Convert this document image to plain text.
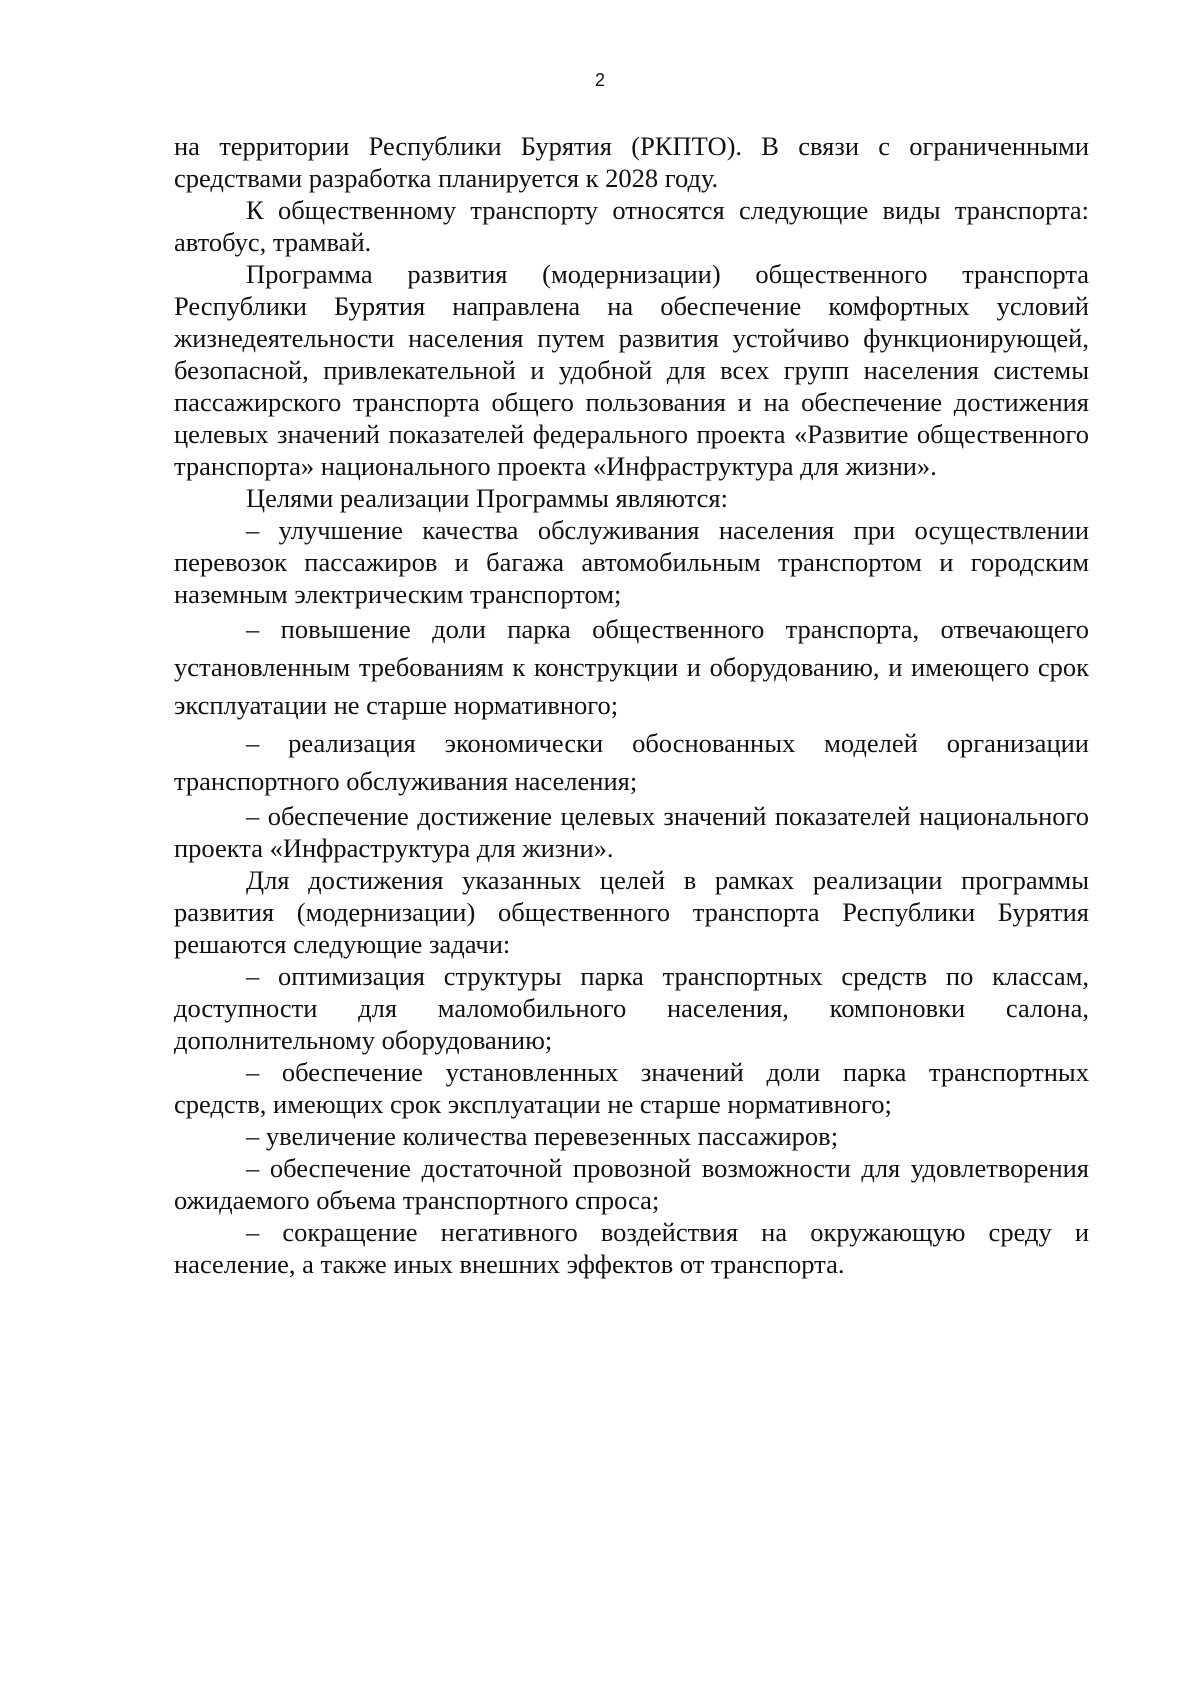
2

на территории Республики Бурятия (РКПТО). В связи с ограниченными средствами разработка планируется к 2028 году.

К общественному транспорту относятся следующие виды транспорта: автобус, трамвай.

Программа развития (модернизации) общественного транспорта Республики Бурятия направлена на обеспечение комфортных условий жизнедеятельности населения путем развития устойчиво функционирующей, безопасной, привлекательной и удобной для всех групп населения системы пассажирского транспорта общего пользования и на обеспечение достижения целевых значений показателей федерального проекта «Развитие общественного транспорта» национального проекта «Инфраструктура для жизни».

Целями реализации Программы являются:

– улучшение качества обслуживания населения при осуществлении перевозок пассажиров и багажа автомобильным транспортом и городским наземным электрическим транспортом;

– повышение доли парка общественного транспорта, отвечающего установленным требованиям к конструкции и оборудованию, и имеющего срок эксплуатации не старше нормативного;

– реализация экономически обоснованных моделей организации транспортного обслуживания населения;

– обеспечение достижение целевых значений показателей национального проекта «Инфраструктура для жизни».

Для достижения указанных целей в рамках реализации программы развития (модернизации) общественного транспорта Республики Бурятия решаются следующие задачи:

– оптимизация структуры парка транспортных средств по классам, доступности для маломобильного населения, компоновки салона, дополнительному оборудованию;

– обеспечение установленных значений доли парка транспортных средств, имеющих срок эксплуатации не старше нормативного;

– увеличение количества перевезенных пассажиров;

– обеспечение достаточной провозной возможности для удовлетворения ожидаемого объема транспортного спроса;

– сокращение негативного воздействия на окружающую среду и население, а также иных внешних эффектов от транспорта.
